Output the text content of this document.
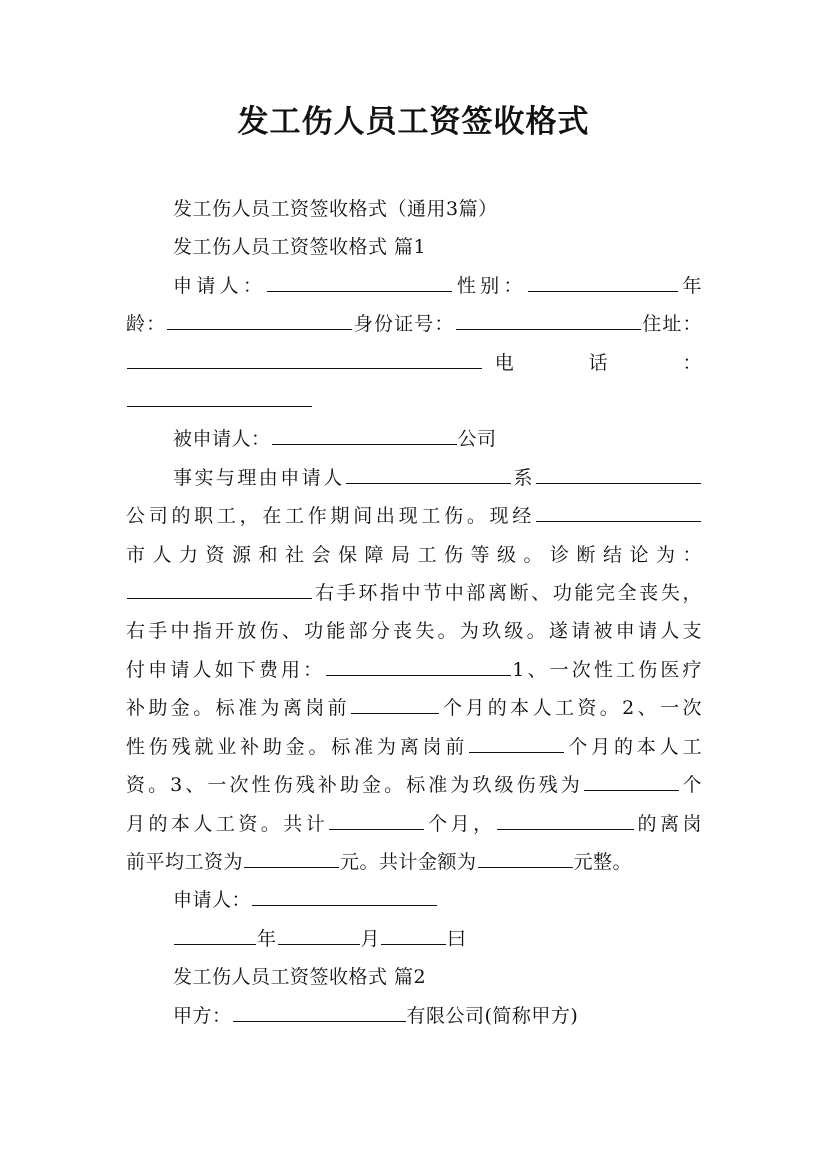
发工伤人员工资签收格式

发工伤人员工资签收格式（通用3篇）

发工伤人员工资签收格式 篇1

申请人：	性别：	年

龄：	身份证号：	住址：

电　　话　　：

被申请人：	公司

事实与理由申请人	系

公司的职工，在工作期间出现工伤。现经

市人力资源和社会保障局工伤等级。诊断结论为：

右手环指中节中部离断、功能完全丧失，

右手中指开放伤、功能部分丧失。为玖级。遂请被申请人支

付申请人如下费用：	1、一次性工伤医疗

补助金。标准为离岗前	个月的本人工资。2、一次

性伤残就业补助金。标准为离岗前	个月的本人工

资。3、一次性伤残补助金。标准为玖级伤残为	个

月的本人工资。共计	个月，	的离岗

前平均工资为	元。共计金额为	元整。

申请人：

年	月	曰

发工伤人员工资签收格式 篇2

甲方：	有限公司(简称甲方)
